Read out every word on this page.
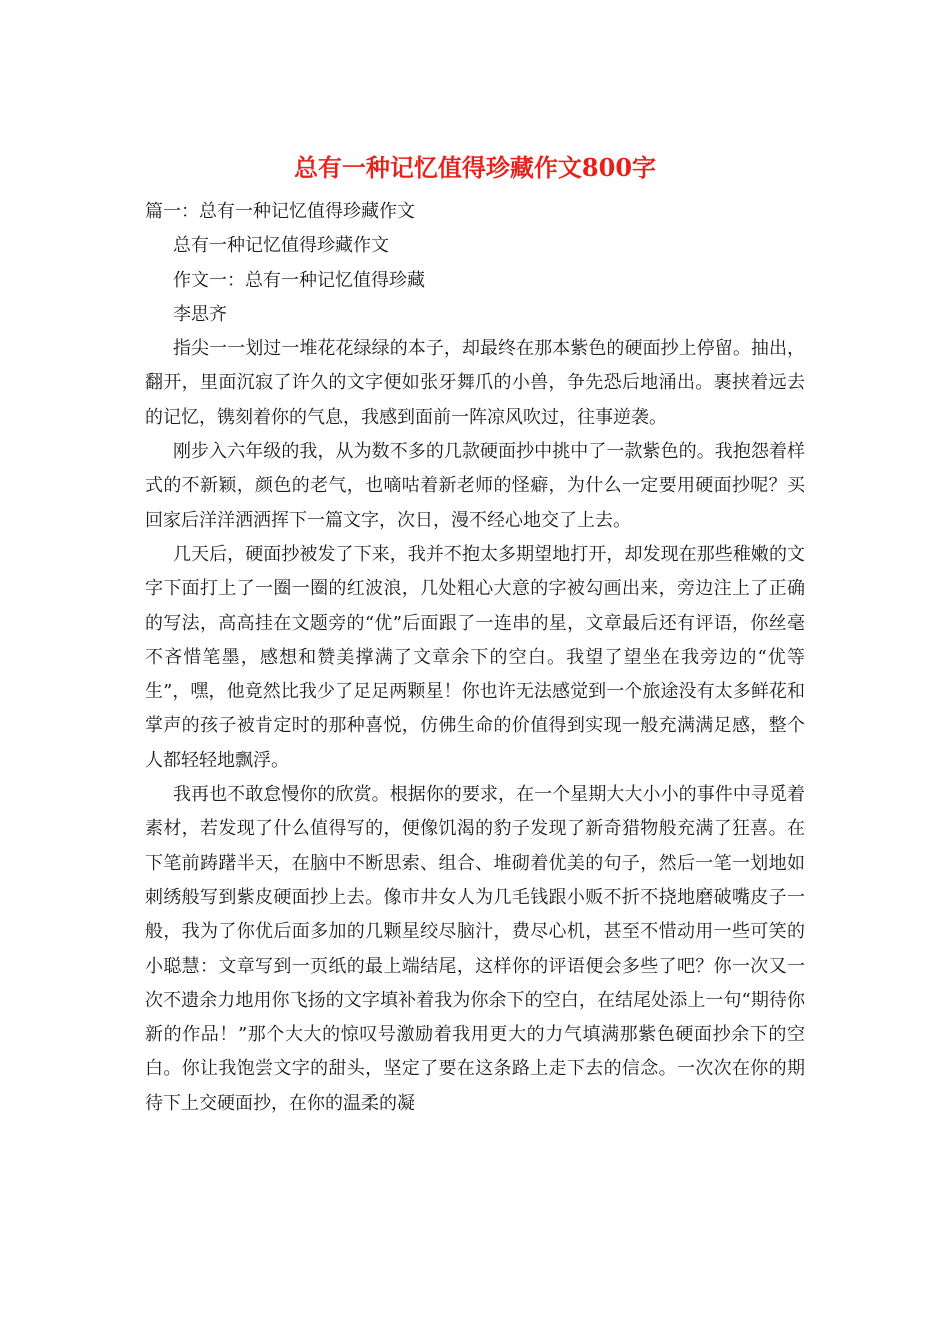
总有一种记忆值得珍藏作文800字
篇一：总有一种记忆值得珍藏作文
总有一种记忆值得珍藏作文
作文一：总有一种记忆值得珍藏
李思齐

指尖一一划过一堆花花绿绿的本子，却最终在那本紫色的硬面抄上停留。抽出，翻开，里面沉寂了许久的文字便如张牙舞爪的小兽，争先恐后地涌出。裹挟着远去的记忆，镌刻着你的气息，我感到面前一阵凉风吹过，往事逆袭。

刚步入六年级的我，从为数不多的几款硬面抄中挑中了一款紫色的。我抱怨着样式的不新颖，颜色的老气，也嘀咕着新老师的怪癖，为什么一定要用硬面抄呢？买回家后洋洋洒洒挥下一篇文字，次日，漫不经心地交了上去。

几天后，硬面抄被发了下来，我并不抱太多期望地打开，却发现在那些稚嫩的文字下面打上了一圈一圈的红波浪，几处粗心大意的字被勾画出来，旁边注上了正确的写法，高高挂在文题旁的“优”后面跟了一连串的星，文章最后还有评语，你丝毫不吝惜笔墨，感想和赞美撑满了文章余下的空白。我望了望坐在我旁边的“优等生”，嘿，他竟然比我少了足足两颗星！你也许无法感觉到一个旅途没有太多鲜花和掌声的孩子被肯定时的那种喜悦，仿佛生命的价值得到实现一般充满满足感，整个人都轻轻地飘浮。

我再也不敢怠慢你的欣赏。根据你的要求，在一个星期大大小小的事件中寻觅着素材，若发现了什么值得写的，便像饥渴的豹子发现了新奇猎物般充满了狂喜。在下笔前踌躇半天，在脑中不断思索、组合、堆砌着优美的句子，然后一笔一划地如刺绣般写到紫皮硬面抄上去。像市井女人为几毛钱跟小贩不折不挠地磨破嘴皮子一般，我为了你优后面多加的几颗星绞尽脑汁，费尽心机，甚至不惜动用一些可笑的小聪慧：文章写到一页纸的最上端结尾，这样你的评语便会多些了吧？你一次又一次不遗余力地用你飞扬的文字填补着我为你余下的空白，在结尾处添上一句“期待你新的作品！”那个大大的惊叹号激励着我用更大的力气填满那紫色硬面抄余下的空白。你让我饱尝文字的甜头，坚定了要在这条路上走下去的信念。一次次在你的期待下上交硬面抄，在你的温柔的凝
